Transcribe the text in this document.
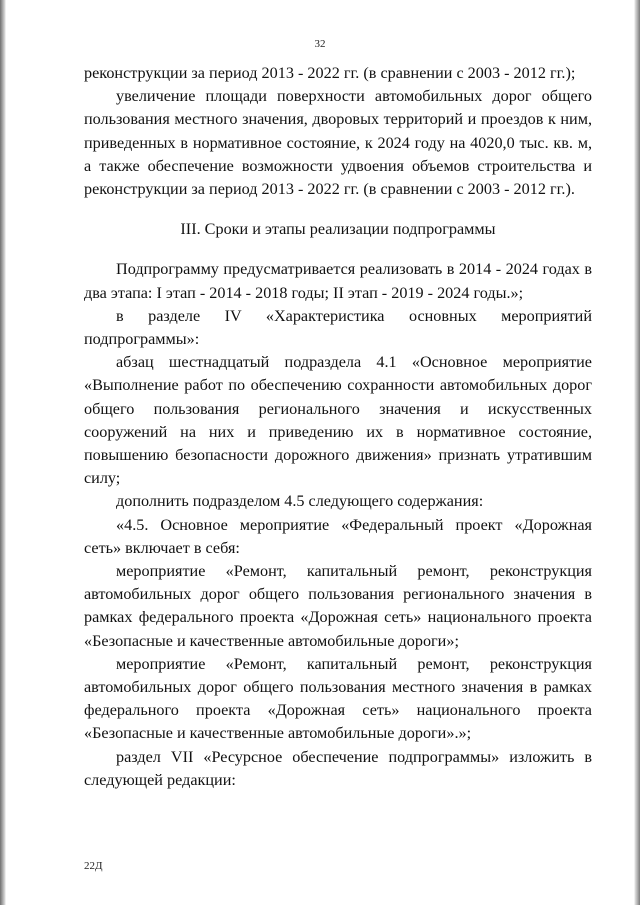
32

реконструкции за период 2013 - 2022 гг. (в сравнении с 2003 - 2012 гг.);

увеличение площади поверхности автомобильных дорог общего пользования местного значения, дворовых территорий и проездов к ним, приведенных в нормативное состояние, к 2024 году на 4020,0 тыс. кв. м, а также обеспечение возможности удвоения объемов строительства и реконструкции за период 2013 - 2022 гг. (в сравнении с 2003 - 2012 гг.).

III. Сроки и этапы реализации подпрограммы

Подпрограмму предусматривается реализовать в 2014 - 2024 годах в два этапа: I этап - 2014 - 2018 годы; II этап - 2019 - 2024 годы.»;

в разделе IV «Характеристика основных мероприятий подпрограммы»:

абзац шестнадцатый подраздела 4.1 «Основное мероприятие «Выполнение работ по обеспечению сохранности автомобильных дорог общего пользования регионального значения и искусственных сооружений на них и приведению их в нормативное состояние, повышению безопасности дорожного движения» признать утратившим силу;

дополнить подразделом 4.5 следующего содержания:

«4.5. Основное мероприятие «Федеральный проект «Дорожная сеть» включает в себя:

мероприятие «Ремонт, капитальный ремонт, реконструкция автомобильных дорог общего пользования регионального значения в рамках федерального проекта «Дорожная сеть» национального проекта «Безопасные и качественные автомобильные дороги»;

мероприятие «Ремонт, капитальный ремонт, реконструкция автомобильных дорог общего пользования местного значения в рамках федерального проекта «Дорожная сеть» национального проекта «Безопасные и качественные автомобильные дороги».»;

раздел VII «Ресурсное обеспечение подпрограммы» изложить в следующей редакции:

22Д
